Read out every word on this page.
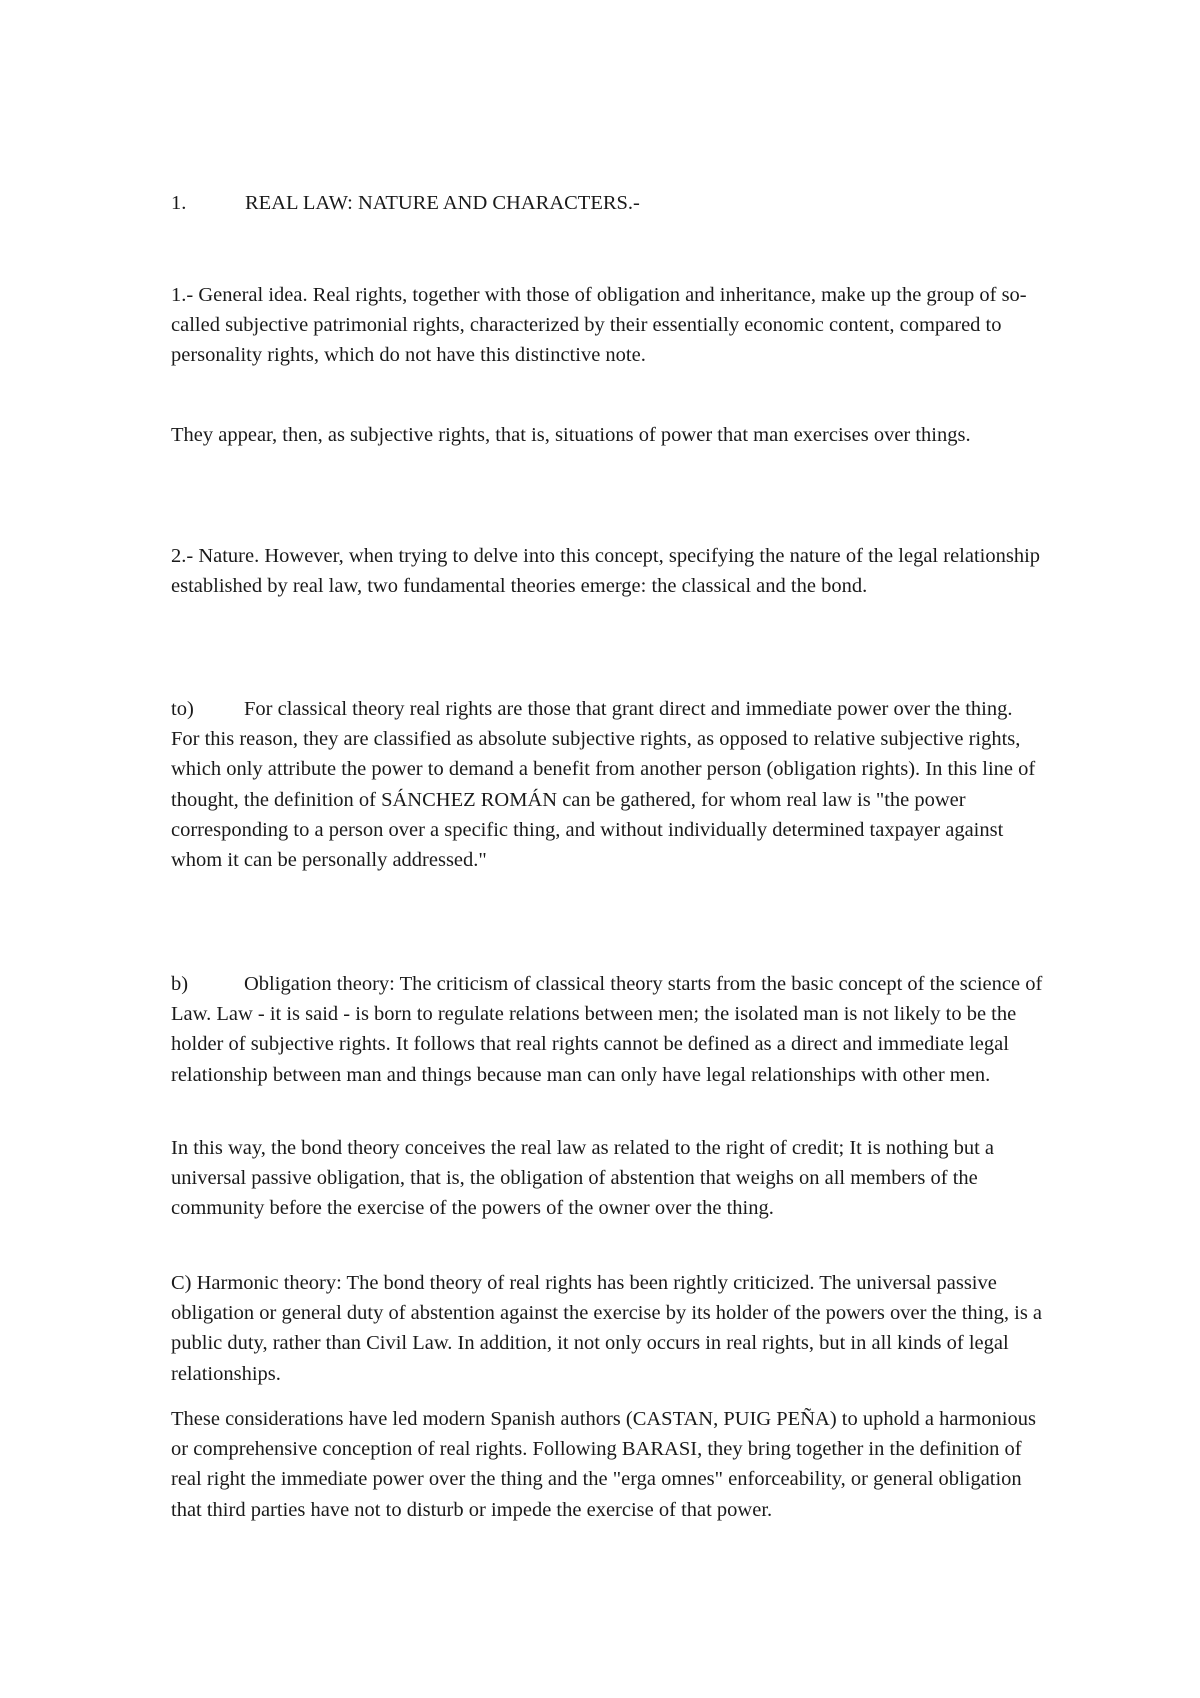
1.	REAL LAW: NATURE AND CHARACTERS.-

1.- General idea. Real rights, together with those of obligation and inheritance, make up the group of so-called subjective patrimonial rights, characterized by their essentially economic content, compared to personality rights, which do not have this distinctive note.

They appear, then, as subjective rights, that is, situations of power that man exercises over things.

2.- Nature. However, when trying to delve into this concept, specifying the nature of the legal relationship established by real law, two fundamental theories emerge: the classical and the bond.

to) For classical theory real rights are those that grant direct and immediate power over the thing. For this reason, they are classified as absolute subjective rights, as opposed to relative subjective rights, which only attribute the power to demand a benefit from another person (obligation rights). In this line of thought, the definition of SÁNCHEZ ROMÁN can be gathered, for whom real law is "the power corresponding to a person over a specific thing, and without individually determined taxpayer against whom it can be personally addressed."

b)	Obligation theory: The criticism of classical theory starts from the basic concept of the science of Law. Law - it is said - is born to regulate relations between men; the isolated man is not likely to be the holder of subjective rights. It follows that real rights cannot be defined as a direct and immediate legal relationship between man and things because man can only have legal relationships with other men.

In this way, the bond theory conceives the real law as related to the right of credit; It is nothing but a universal passive obligation, that is, the obligation of abstention that weighs on all members of the community before the exercise of the powers of the owner over the thing.

C) Harmonic theory: The bond theory of real rights has been rightly criticized. The universal passive obligation or general duty of abstention against the exercise by its holder of the powers over the thing, is a public duty, rather than Civil Law. In addition, it not only occurs in real rights, but in all kinds of legal relationships.

These considerations have led modern Spanish authors (CASTAN, PUIG PEÑA) to uphold a harmonious or comprehensive conception of real rights. Following BARASI, they bring together in the definition of real right the immediate power over the thing and the "erga omnes" enforceability, or general obligation that third parties have not to disturb or impede the exercise of that power.
